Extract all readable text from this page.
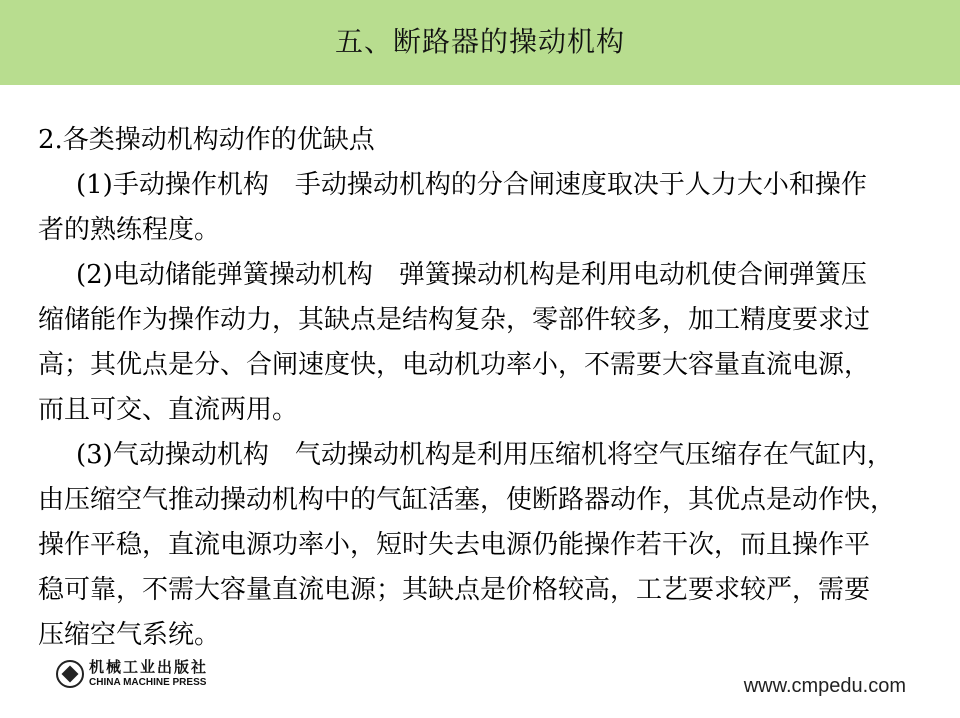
五、断路器的操动机构
2.各类操动机构动作的优缺点
(1)手动操作机构　手动操动机构的分合闸速度取决于人力大小和操作
者的熟练程度。
(2)电动储能弹簧操动机构　弹簧操动机构是利用电动机使合闸弹簧压
缩储能作为操作动力，其缺点是结构复杂，零部件较多，加工精度要求过
高；其优点是分、合闸速度快，电动机功率小，不需要大容量直流电源，
而且可交、直流两用。
(3)气动操动机构　气动操动机构是利用压缩机将空气压缩存在气缸内，
由压缩空气推动操动机构中的气缸活塞，使断路器动作，其优点是动作快，
操作平稳，直流电源功率小，短时失去电源仍能操作若干次，而且操作平
稳可靠，不需大容量直流电源；其缺点是价格较高，工艺要求较严，需要
压缩空气系统。
机械工业出版社
CHINA MACHINE PRESS	www.cmpedu.com
